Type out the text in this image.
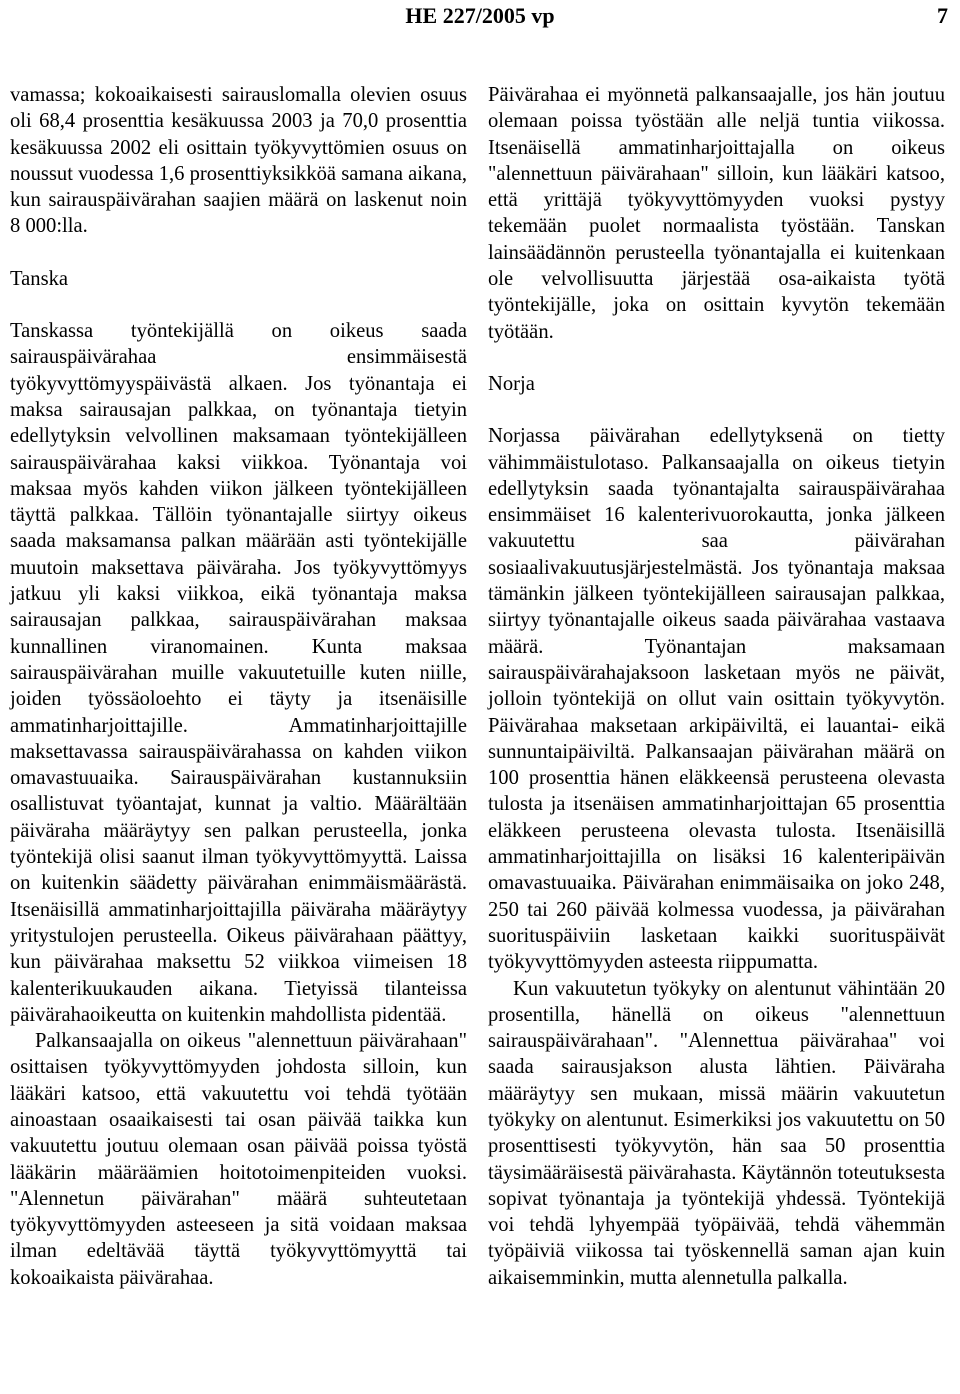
HE 227/2005 vp	7

vamassa; kokoaikaisesti sairauslomalla olevien osuus oli 68,4 prosenttia kesäkuussa 2003 ja 70,0 prosenttia kesäkuussa 2002 eli osittain työkyvyttömien osuus on noussut vuodessa 1,6 prosenttiyksikköä samana aikana, kun sairauspäivärahan saajien määrä on laskenut noin 8 000:lla.

Tanska

Tanskassa työntekijällä on oikeus saada sairauspäivärahaa ensimmäisestä työkyvyttömyyspäivästä alkaen. Jos työnantaja ei maksa sairausajan palkkaa, on työnantaja tietyin edellytyksin velvollinen maksamaan työntekijälleen sairauspäivärahaa kaksi viikkoa. Työnantaja voi maksaa myös kahden viikon jälkeen työntekijälleen täyttä palkkaa. Tällöin työnantajalle siirtyy oikeus saada maksamansa palkan määrään asti työntekijälle muutoin maksettava päiväraha. Jos työkyvyttömyys jatkuu yli kaksi viikkoa, eikä työnantaja maksa sairausajan palkkaa, sairauspäivärahan maksaa kunnallinen viranomainen. Kunta maksaa sairauspäivärahan muille vakuutetuille kuten niille, joiden työssäoloehto ei täyty ja itsenäisille ammatinharjoittajille. Ammatinharjoittajille maksettavassa sairauspäivärahassa on kahden viikon omavastuuaika. Sairauspäivärahan kustannuksiin osallistuvat työantajat, kunnat ja valtio. Määrältään päiväraha määräytyy sen palkan perusteella, jonka työntekijä olisi saanut ilman työkyvyttömyyttä. Laissa on kuitenkin säädetty päivärahan enimmäismäärästä. Itsenäisillä ammatinharjoittajilla päiväraha määräytyy yritystulojen perusteella. Oikeus päivärahaan päättyy, kun päivärahaa maksettu 52 viikkoa viimeisen 18 kalenterikuukauden aikana. Tietyissä tilanteissa päivärahaoikeutta on kuitenkin mahdollista pidentää.

Palkansaajalla on oikeus "alennettuun päivärahaan" osittaisen työkyvyttömyyden johdosta silloin, kun lääkäri katsoo, että vakuutettu voi tehdä työtään ainoastaan osaaikaisesti tai osan päivää taikka kun vakuutettu joutuu olemaan osan päivää poissa työstä lääkärin määräämien hoitotoimenpiteiden vuoksi. "Alennetun päivärahan" määrä suhteutetaan työkyvyttömyyden asteeseen ja sitä voidaan maksaa ilman edeltävää täyttä työkyvyttömyyttä tai kokoaikaista päivärahaa.

Päivärahaa ei myönnetä palkansaajalle, jos hän joutuu olemaan poissa työstään alle neljä tuntia viikossa. Itsenäisellä ammatinharjoittajalla on oikeus "alennettuun päivärahaan" silloin, kun lääkäri katsoo, että yrittäjä työkyvyttömyyden vuoksi pystyy tekemään puolet normaalista työstään. Tanskan lainsäädännön perusteella työnantajalla ei kuitenkaan ole velvollisuutta järjestää osa-aikaista työtä työntekijälle, joka on osittain kyvytön tekemään työtään.

Norja

Norjassa päivärahan edellytyksenä on tietty vähimmäistulotaso. Palkansaajalla on oikeus tietyin edellytyksin saada työnantajalta sairauspäivärahaa ensimmäiset 16 kalenterivuorokautta, jonka jälkeen vakuutettu saa päivärahan sosiaalivakuutusjärjestelmästä. Jos työnantaja maksaa tämänkin jälkeen työntekijälleen sairausajan palkkaa, siirtyy työnantajalle oikeus saada päivärahaa vastaava määrä. Työnantajan maksamaan sairauspäivärahajaksoon lasketaan myös ne päivät, jolloin työntekijä on ollut vain osittain työkyvytön. Päivärahaa maksetaan arkipäiviltä, ei lauantai- eikä sunnuntaipäiviltä. Palkansaajan päivärahan määrä on 100 prosenttia hänen eläkkeensä perusteena olevasta tulosta ja itsenäisen ammatinharjoittajan 65 prosenttia eläkkeen perusteena olevasta tulosta. Itsenäisillä ammatinharjoittajilla on lisäksi 16 kalenteripäivän omavastuuaika. Päivärahan enimmäisaika on joko 248, 250 tai 260 päivää kolmessa vuodessa, ja päivärahan suorituspäiviin lasketaan kaikki suorituspäivät työkyvyttömyyden asteesta riippumatta.

Kun vakuutetun työkyky on alentunut vähintään 20 prosentilla, hänellä on oikeus "alennettuun sairauspäivärahaan". "Alennettua päivärahaa" voi saada sairausjakson alusta lähtien. Päiväraha määräytyy sen mukaan, missä määrin vakuutetun työkyky on alentunut. Esimerkiksi jos vakuutettu on 50 prosenttisesti työkyvytön, hän saa 50 prosenttia täysimääräisestä päivärahasta. Käytännön toteutuksesta sopivat työnantaja ja työntekijä yhdessä. Työntekijä voi tehdä lyhyempää työpäivää, tehdä vähemmän työpäiviä viikossa tai työskennellä saman ajan kuin aikaisemminkin, mutta alennetulla palkalla.
